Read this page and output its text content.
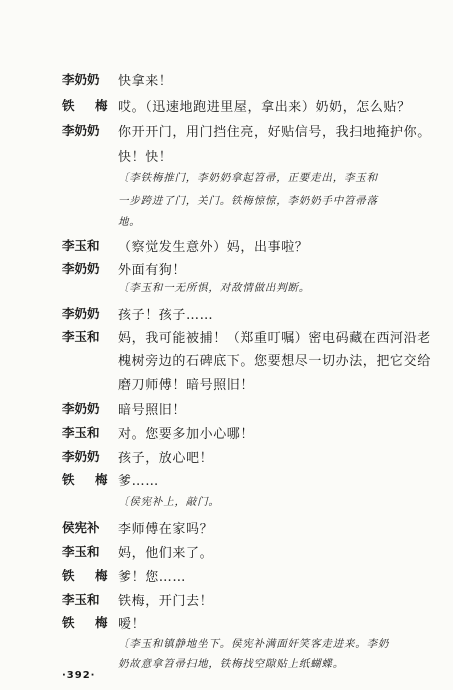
李奶奶	快拿来！
铁　梅 哎。（迅速地跑进里屋，拿出来）奶奶，怎么贴？
李奶奶	你开开门，用门挡住亮，好贴信号，我扫地掩护你。
快！快！
〔李铁梅推门，李奶奶拿起笤帚，正要走出，李玉和
一步跨进了门，关门。铁梅惊惊，李奶奶手中笤帚落
地。
李玉和	（察觉发生意外）妈，出事啦？
李奶奶	外面有狗！
〔李玉和一无所惧，对敌情做出判断。
李奶奶	孩子！孩子……
李玉和	妈，我可能被捕！（郑重叮嘱）密电码藏在西河沿老
槐树旁边的石碑底下。您要想尽一切办法，把它交给
磨刀师傅！暗号照旧！
李奶奶	暗号照旧！
李玉和	对。您要多加小心哪！
李奶奶	孩子，放心吧！
铁　梅 爹……
〔侯宪补上，敲门。
侯宪补	李师傅在家吗？
李玉和	妈，他们来了。
铁　梅 爹！您……
李玉和	铁梅，开门去！
铁　梅 嗳！
〔李玉和镇静地坐下。侯宪补满面奸笑客走进来。李奶
奶故意拿笤帚扫地，铁梅找空隙贴上纸蝴蝶。
·392·
